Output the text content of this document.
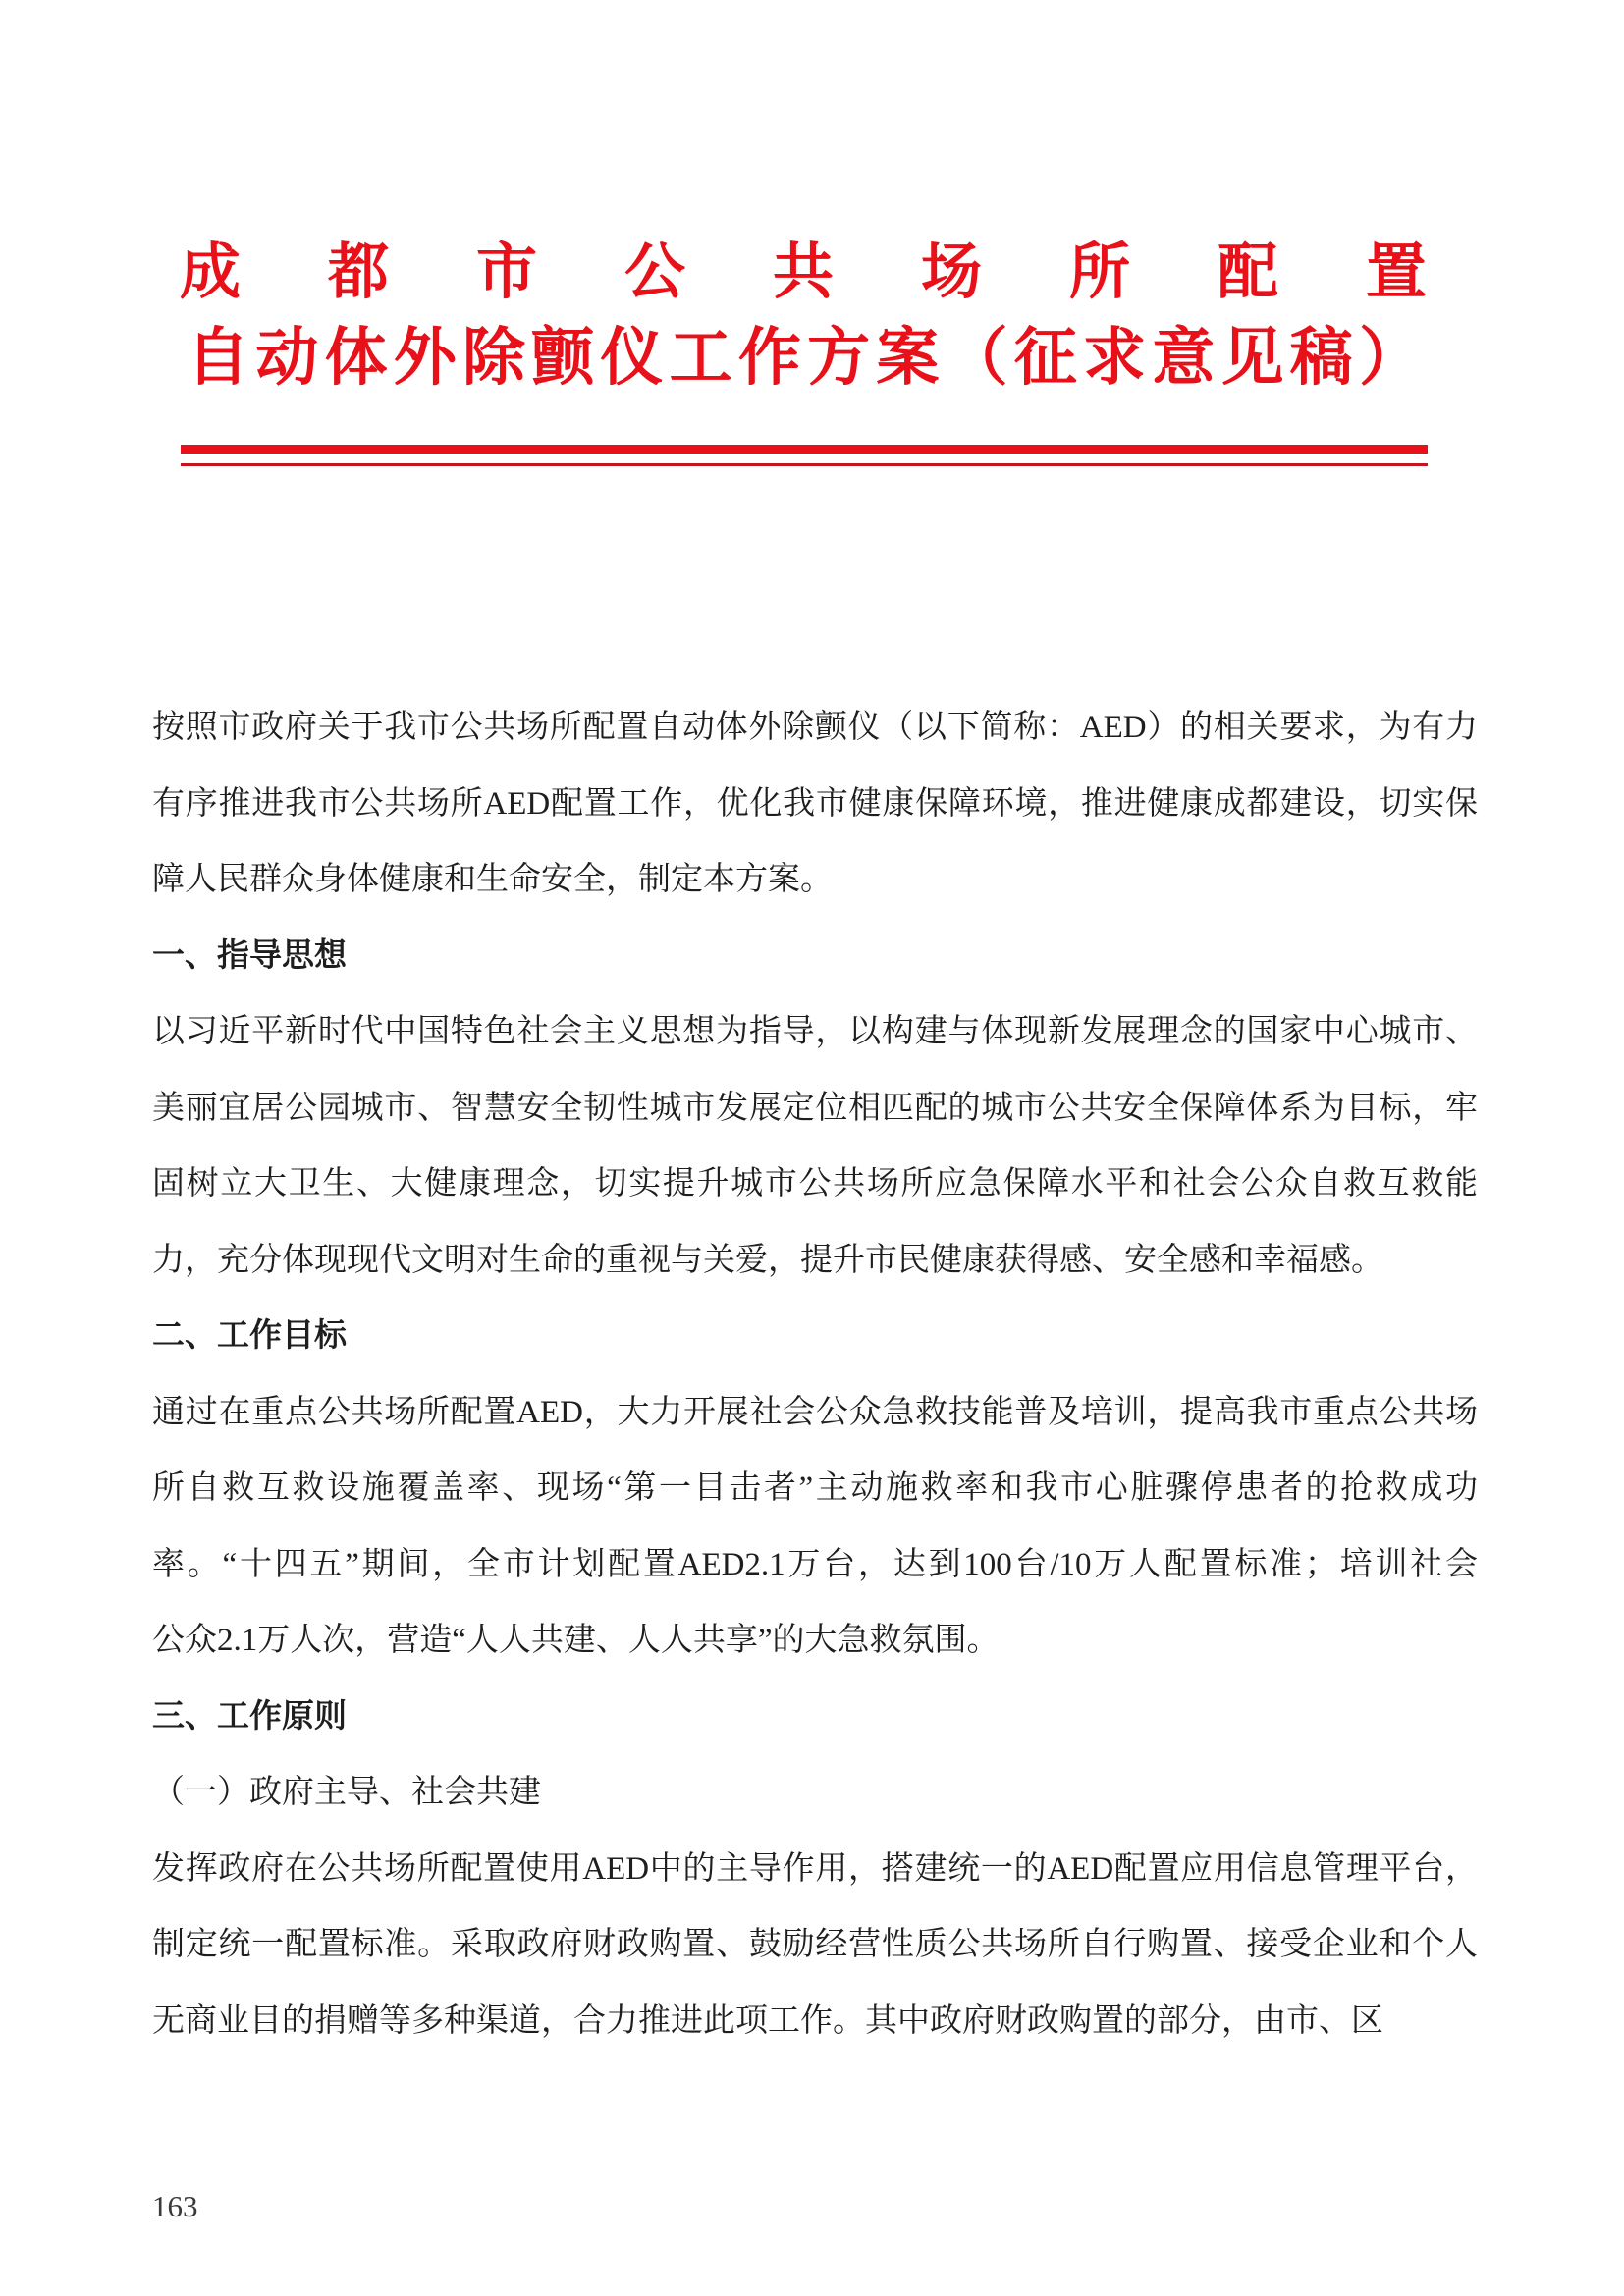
成都市公共场所配置
自动体外除颤仪工作方案（征求意见稿）
按照市政府关于我市公共场所配置自动体外除颤仪（以下简称：AED）的相关要求，为有力
有序推进我市公共场所AED配置工作，优化我市健康保障环境，推进健康成都建设，切实保
障人民群众身体健康和生命安全，制定本方案。
一、指导思想
以习近平新时代中国特色社会主义思想为指导，以构建与体现新发展理念的国家中心城市、
美丽宜居公园城市、智慧安全韧性城市发展定位相匹配的城市公共安全保障体系为目标，牢
固树立大卫生、大健康理念，切实提升城市公共场所应急保障水平和社会公众自救互救能
力，充分体现现代文明对生命的重视与关爱，提升市民健康获得感、安全感和幸福感。
二、工作目标
通过在重点公共场所配置AED，大力开展社会公众急救技能普及培训，提高我市重点公共场
所自救互救设施覆盖率、现场“第一目击者”主动施救率和我市心脏骤停患者的抢救成功
率。“十四五”期间，全市计划配置AED2.1万台，达到100台/10万人配置标准；培训社会
公众2.1万人次，营造“人人共建、人人共享”的大急救氛围。
三、工作原则
（一）政府主导、社会共建
发挥政府在公共场所配置使用AED中的主导作用，搭建统一的AED配置应用信息管理平台，
制定统一配置标准。采取政府财政购置、鼓励经营性质公共场所自行购置、接受企业和个人
无商业目的捐赠等多种渠道，合力推进此项工作。其中政府财政购置的部分，由市、区
163
